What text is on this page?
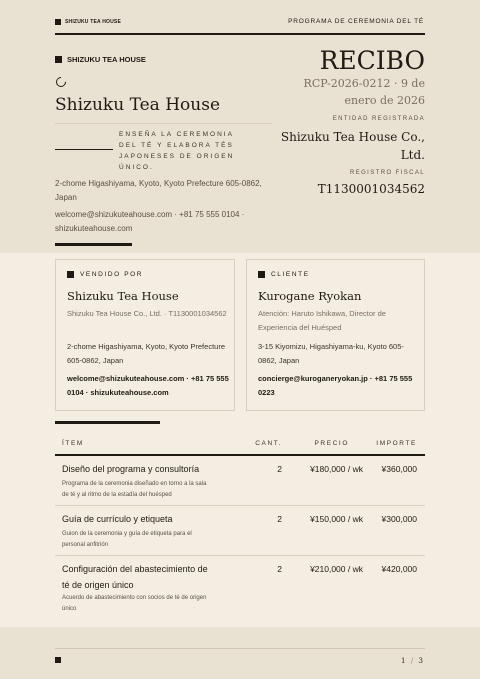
SHIZUKU TEA HOUSE	PROGRAMA DE CEREMONIA DEL TÉ
SHIZUKU TEA HOUSE
Shizuku Tea House
ENSEÑA LA CEREMONIA DEL TÉ Y ELABORA TÉS JAPONESES DE ORIGEN ÚNICO.
2-chome Higashiyama, Kyoto, Kyoto Prefecture 605-0862, Japan
welcome@shizukuteahouse.com · +81 75 555 0104 · shizukuteahouse.com
RECIBO
RCP-2026-0212 · 9 de enero de 2026
ENTIDAD REGISTRADA
Shizuku Tea House Co., Ltd.
REGISTRO FISCAL
T1130001034562
VENDIDO POR
Shizuku Tea House
Shizuku Tea House Co., Ltd. · T1130001034562
2-chome Higashiyama, Kyoto, Kyoto Prefecture 605-0862, Japan
welcome@shizukuteahouse.com · +81 75 555 0104 · shizukuteahouse.com
CLIENTE
Kurogane Ryokan
Atención: Haruto Ishikawa, Director de Experiencia del Huésped
3-15 Kiyomizu, Higashiyama-ku, Kyoto 605-0862, Japan
concierge@kuroganeryokan.jp · +81 75 555 0223
ÍTEM	CANT.	PRECIO	IMPORTE
Diseño del programa y consultoría
Programa de la ceremonia diseñado en torno a la sala de té y al ritmo de la estadía del huésped
2	¥180,000 / wk ¥360,000
Guía de currículo y etiqueta
Guion de la ceremonia y guía de etiqueta para el personal anfitrión
2	¥150,000 / wk ¥300,000
Configuración del abastecimiento de té de origen único
Acuerdo de abastecimiento con socios de té de origen único
2	¥210,000 / wk ¥420,000
1 / 3
